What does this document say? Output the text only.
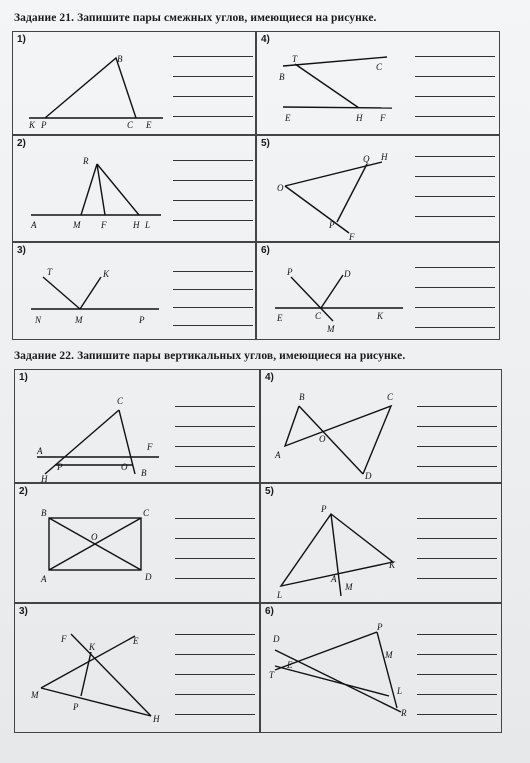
Задание 21. Запишите пары смежных углов, имеющиеся на рисунке.
1)
B
K P	C E
4)
T
C
B
E	H F
2)
R
A	M F	H L
5)
Q H
O
P
F
3)
T	K
N	M	P
6)
P	D
E	C	K
M
Задание 22. Запишите пары вертикальных углов, имеющиеся на рисунке.
1)
C
A	F
P	O
H
B
4)
B	C
O
A
D
2)
B	C
O
A	D
5)
P
K
A
M
L
3)
F
K
E
M
P
H
6)
D
P
M
E
T
L
R
